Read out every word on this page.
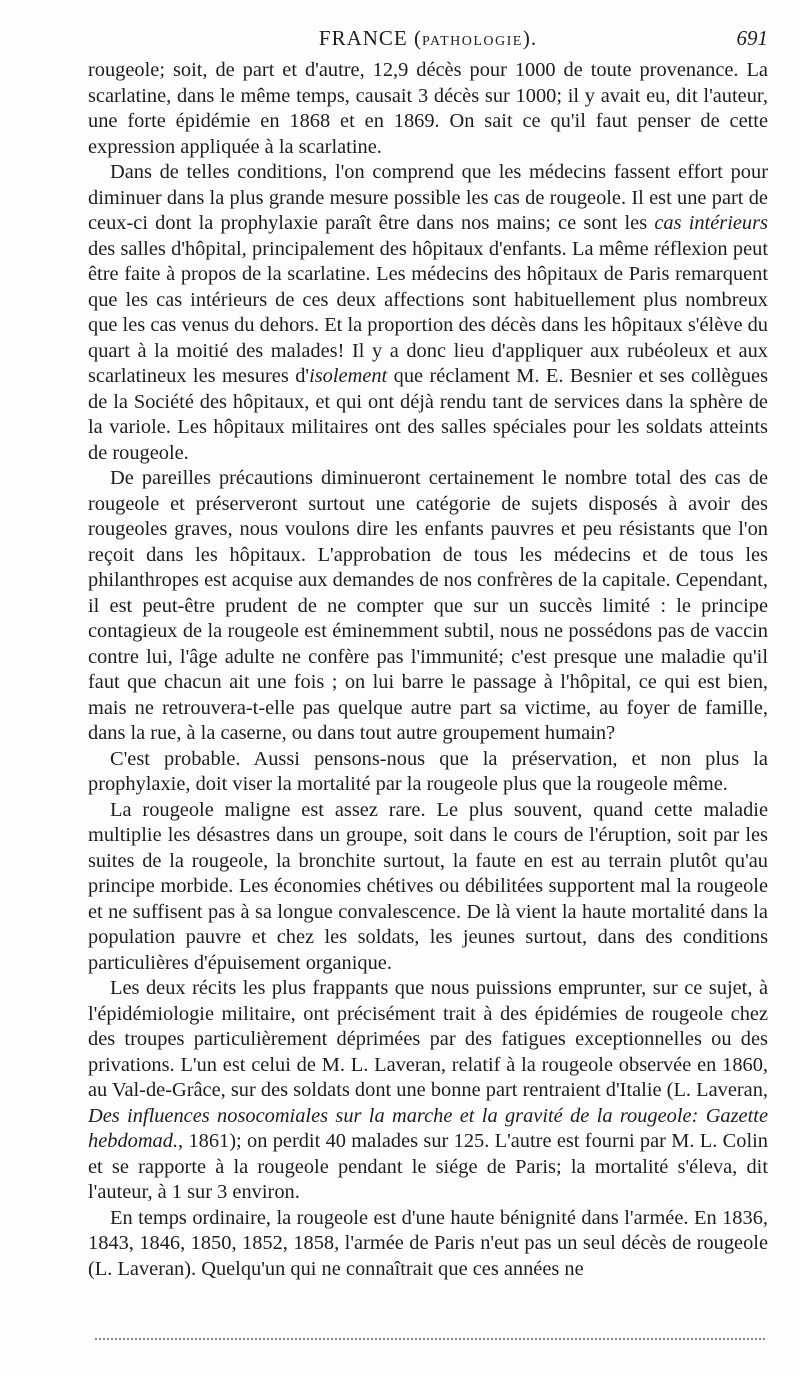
FRANCE (PATHOLOGIE).	691

rougeole; soit, de part et d'autre, 12,9 décès pour 1000 de toute provenance. La scarlatine, dans le même temps, causait 3 décès sur 1000; il y avait eu, dit l'auteur, une forte épidémie en 1868 et en 1869. On sait ce qu'il faut penser de cette expression appliquée à la scarlatine.

Dans de telles conditions, l'on comprend que les médecins fassent effort pour diminuer dans la plus grande mesure possible les cas de rougeole. Il est une part de ceux-ci dont la prophylaxie paraît être dans nos mains; ce sont les cas intérieurs des salles d'hôpital, principalement des hôpitaux d'enfants. La même réflexion peut être faite à propos de la scarlatine. Les médecins des hôpitaux de Paris remarquent que les cas intérieurs de ces deux affections sont habituellement plus nombreux que les cas venus du dehors. Et la proportion des décès dans les hôpitaux s'élève du quart à la moitié des malades! Il y a donc lieu d'appliquer aux rubéoleux et aux scarlatineux les mesures d'isolement que réclament M. E. Besnier et ses collègues de la Société des hôpitaux, et qui ont déjà rendu tant de services dans la sphère de la variole. Les hôpitaux militaires ont des salles spéciales pour les soldats atteints de rougeole.

De pareilles précautions diminueront certainement le nombre total des cas de rougeole et préserveront surtout une catégorie de sujets disposés à avoir des rougeoles graves, nous voulons dire les enfants pauvres et peu résistants que l'on reçoit dans les hôpitaux. L'approbation de tous les médecins et de tous les philanthropes est acquise aux demandes de nos confrères de la capitale. Cependant, il est peut-être prudent de ne compter que sur un succès limité : le principe contagieux de la rougeole est éminemment subtil, nous ne possédons pas de vaccin contre lui, l'âge adulte ne confère pas l'immunité; c'est presque une maladie qu'il faut que chacun ait une fois ; on lui barre le passage à l'hôpital, ce qui est bien, mais ne retrouvera-t-elle pas quelque autre part sa victime, au foyer de famille, dans la rue, à la caserne, ou dans tout autre groupement humain?

C'est probable. Aussi pensons-nous que la préservation, et non plus la prophylaxie, doit viser la mortalité par la rougeole plus que la rougeole même.

La rougeole maligne est assez rare. Le plus souvent, quand cette maladie multiplie les désastres dans un groupe, soit dans le cours de l'éruption, soit par les suites de la rougeole, la bronchite surtout, la faute en est au terrain plutôt qu'au principe morbide. Les économies chétives ou débilitées supportent mal la rougeole et ne suffisent pas à sa longue convalescence. De là vient la haute mortalité dans la population pauvre et chez les soldats, les jeunes surtout, dans des conditions particulières d'épuisement organique.

Les deux récits les plus frappants que nous puissions emprunter, sur ce sujet, à l'épidémiologie militaire, ont précisément trait à des épidémies de rougeole chez des troupes particulièrement déprimées par des fatigues exceptionnelles ou des privations. L'un est celui de M. L. Laveran, relatif à la rougeole observée en 1860, au Val-de-Grâce, sur des soldats dont une bonne part rentraient d'Italie (L. Laveran, Des influences nosocomiales sur la marche et la gravité de la rougeole: Gazette hebdomad., 1861); on perdit 40 malades sur 125. L'autre est fourni par M. L. Colin et se rapporte à la rougeole pendant le siége de Paris; la mortalité s'éleva, dit l'auteur, à 1 sur 3 environ.

En temps ordinaire, la rougeole est d'une haute bénignité dans l'armée. En 1836, 1843, 1846, 1850, 1852, 1858, l'armée de Paris n'eut pas un seul décès de rougeole (L. Laveran). Quelqu'un qui ne connaîtrait que ces années ne
